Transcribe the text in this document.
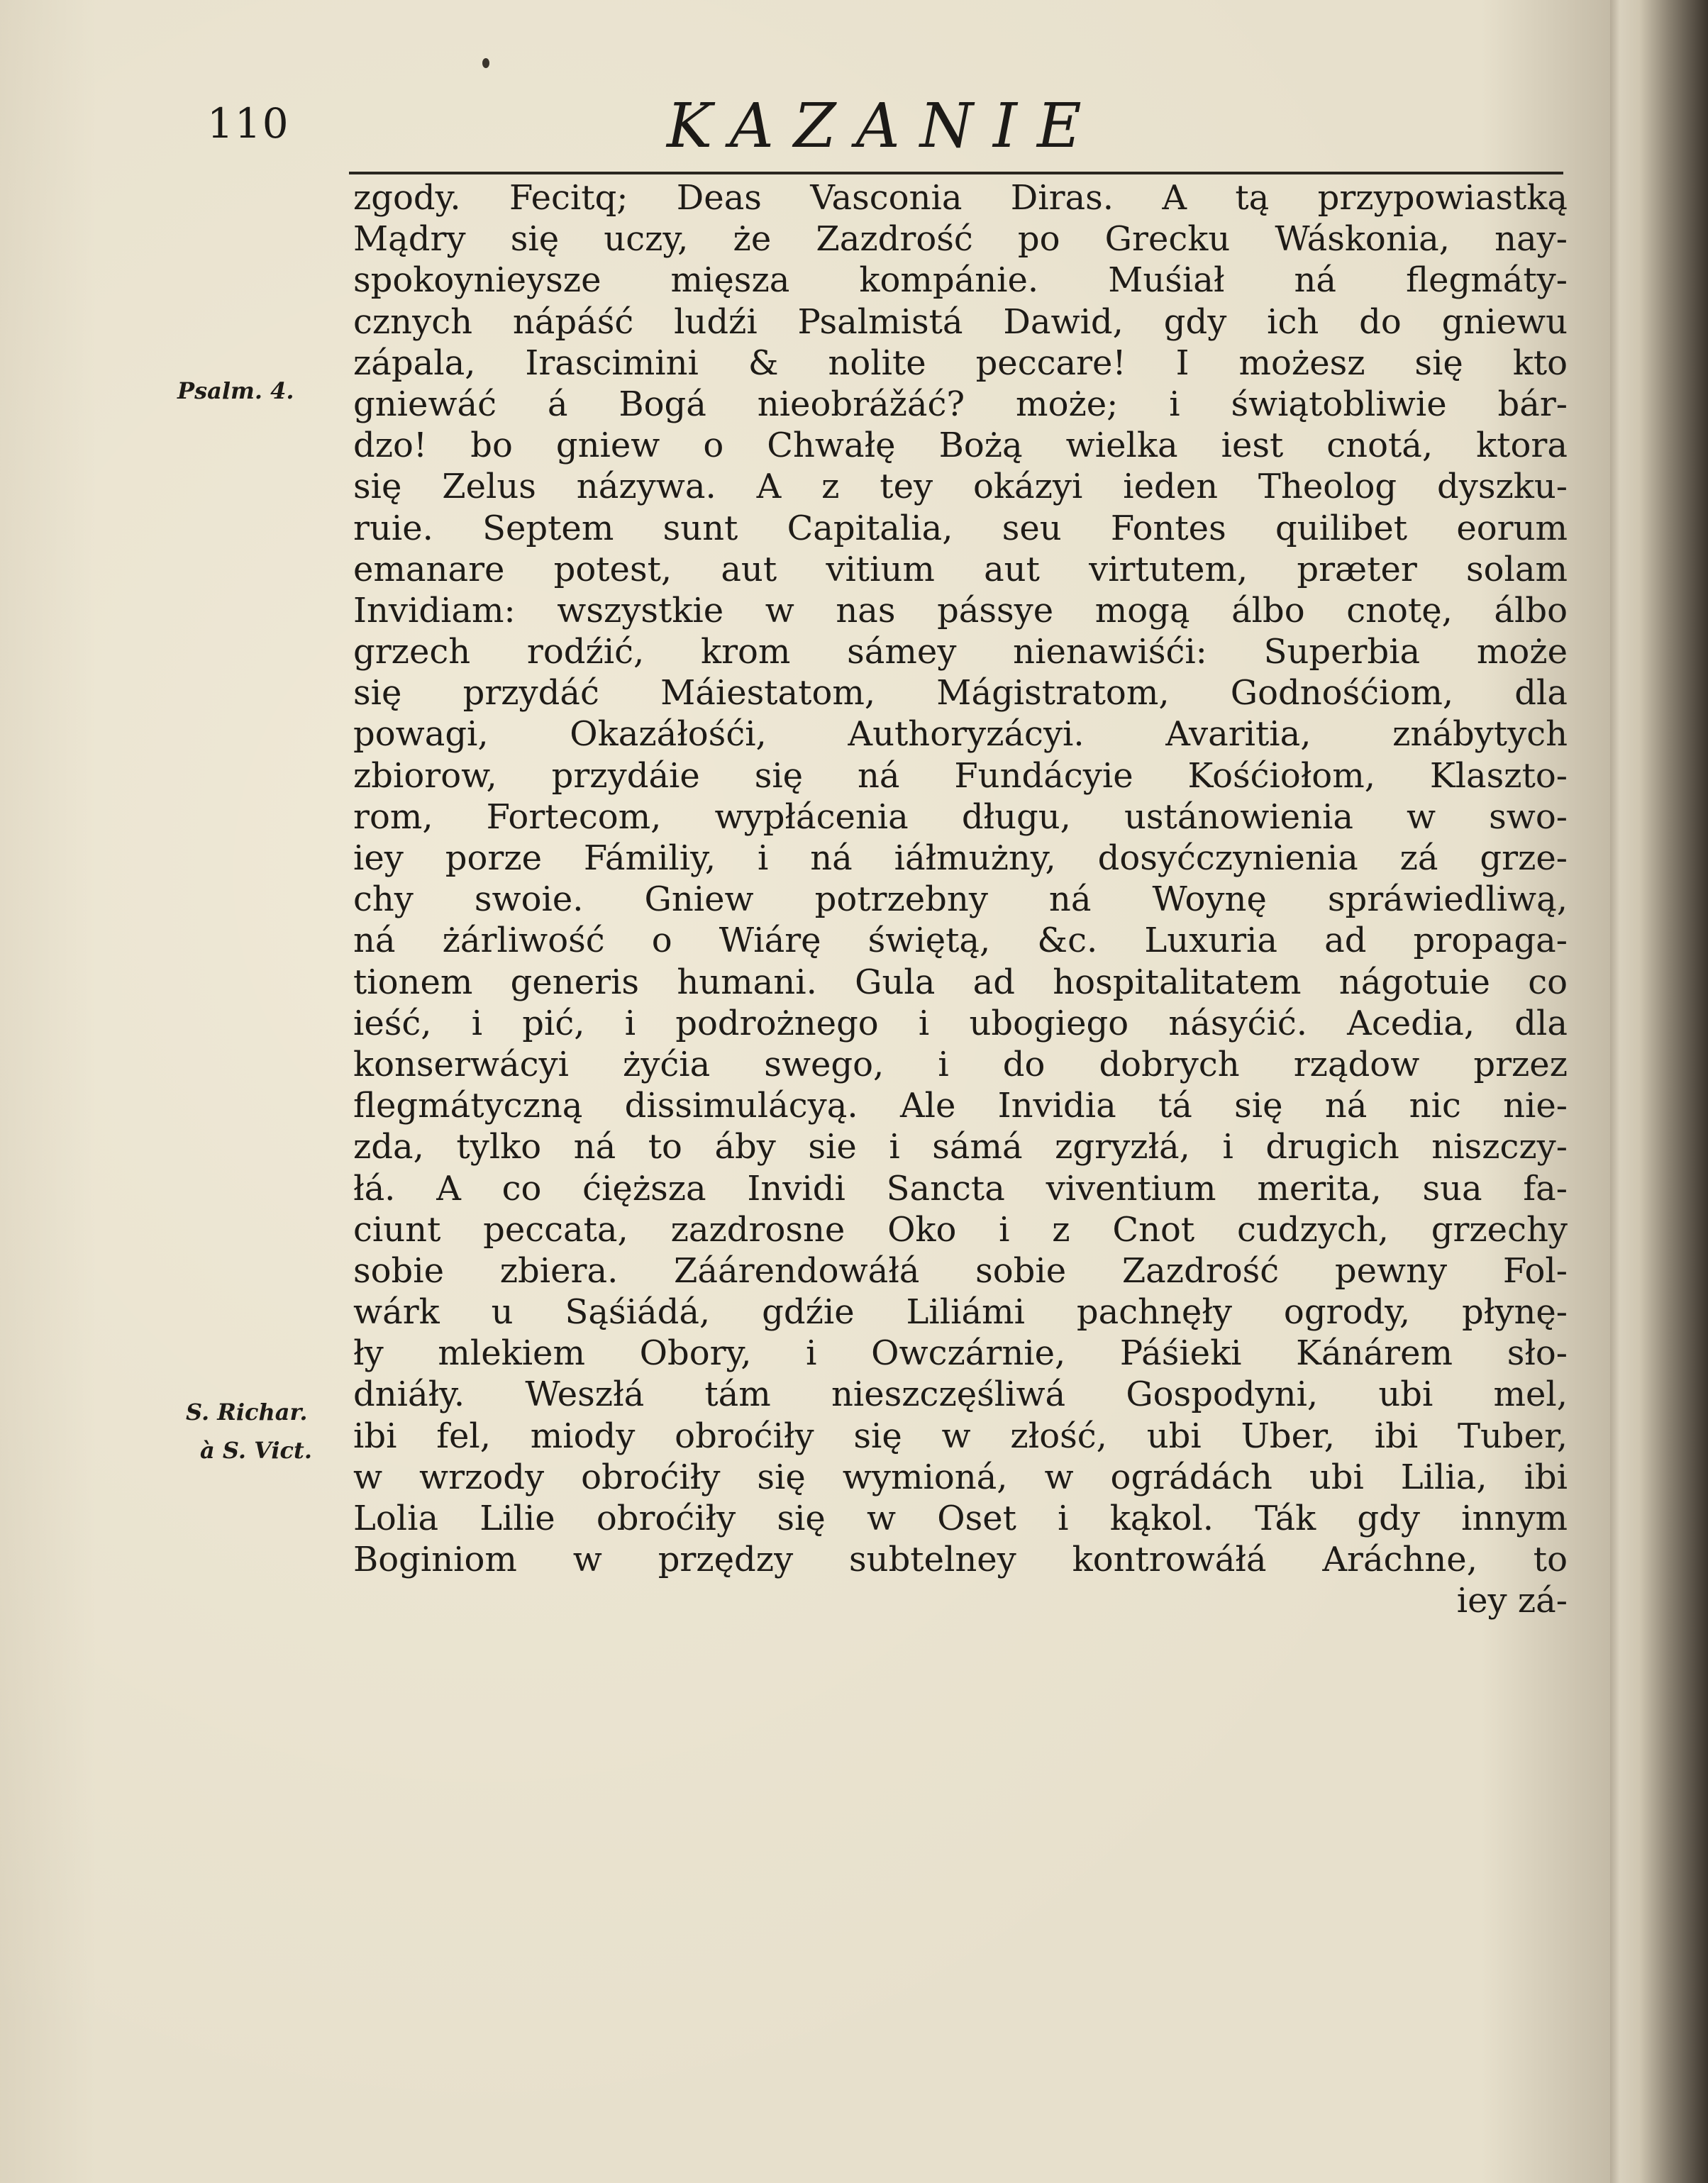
110	KAZANIE
Psalm. 4.
S. Richar.
à S. Vict.
zgody. Fecitq; Deas Vasconia Diras. A tą przypowiastką
Mądry się uczy, że Zazdrość po Grecku Wáskonia, nay-
spokoynieysze mięsza kompánie. Muśiał ná flegmáty-
cznych nápáść ludźi Psalmistá Dawid, gdy ich do gniewu
zápala, Irascimini & nolite peccare! I możesz się kto
gniewáć á Bogá nieobrážáć? może; i świątobliwie bár-
dzo! bo gniew o Chwałę Bożą wielka iest cnotá, ktora
się Zelus názywa. A z tey okázyi ieden Theolog dyszku-
ruie. Septem sunt Capitalia, seu Fontes quilibet eorum
emanare potest, aut vitium aut virtutem, præter solam
Invidiam: wszystkie w nas pássye mogą álbo cnotę, álbo
grzech rodźić, krom sámey nienawiśći: Superbia może
się przydáć Máiestatom, Mágistratom, Godnośćiom, dla
powagi, Okazáłośći, Authoryzácyi. Avaritia, znábytych
zbiorow, przydáie się ná Fundácyie Kośćiołom, Klasztо-
rom, Fortecom, wypłácenia długu, ustánowienia w swo-
iey porze Fámiliy, i ná iáłmużny, dosyćczynienia zá grze-
chy swoie. Gniew potrzebny ná Woynę spráwiedliwą,
ná żárliwość o Wiárę świętą, &c. Luxuria ad propaga-
tionem generis humani. Gula ad hospitalitatem nágotuie co
ieść, i pić, i podrożnego i ubogiego násyćić. Acedia, dla
konserwácyi żyćia swego, i do dobrych rządow przez
flegmátyczną dissimulácyą. Ale Invidia tá się ná nic nie-
zda, tylko ná to áby sie i sámá zgryzłá, i drugich niszczy-
łá. A co ćięższa Invidi Sancta viventium merita, sua fa-
ciunt peccata, zazdrosne Oko i z Cnot cudzych, grzechy
sobie zbiera. Záárendowáłá sobie Zazdrość pewny Fol-
wárk u Sąśiádá, gdźie Liliámi pachnęły ogrody, płynę-
ły mlekiem Obory, i Owczárnie, Páśieki Kánárem sło-
dniáły. Weszłá tám nieszczęśliwá Gospodyni, ubi mel,
ibi fel, miody obroćiły się w złość, ubi Uber, ibi Tuber,
w wrzody obroćiły się wymioná, w ográdách ubi Lilia, ibi
Lolia Lilie obroćiły się w Oset i kąkol. Ták gdy innym
Boginiom w przędzy subtelney kontrowáłá Aráchne, to
iey zá-
